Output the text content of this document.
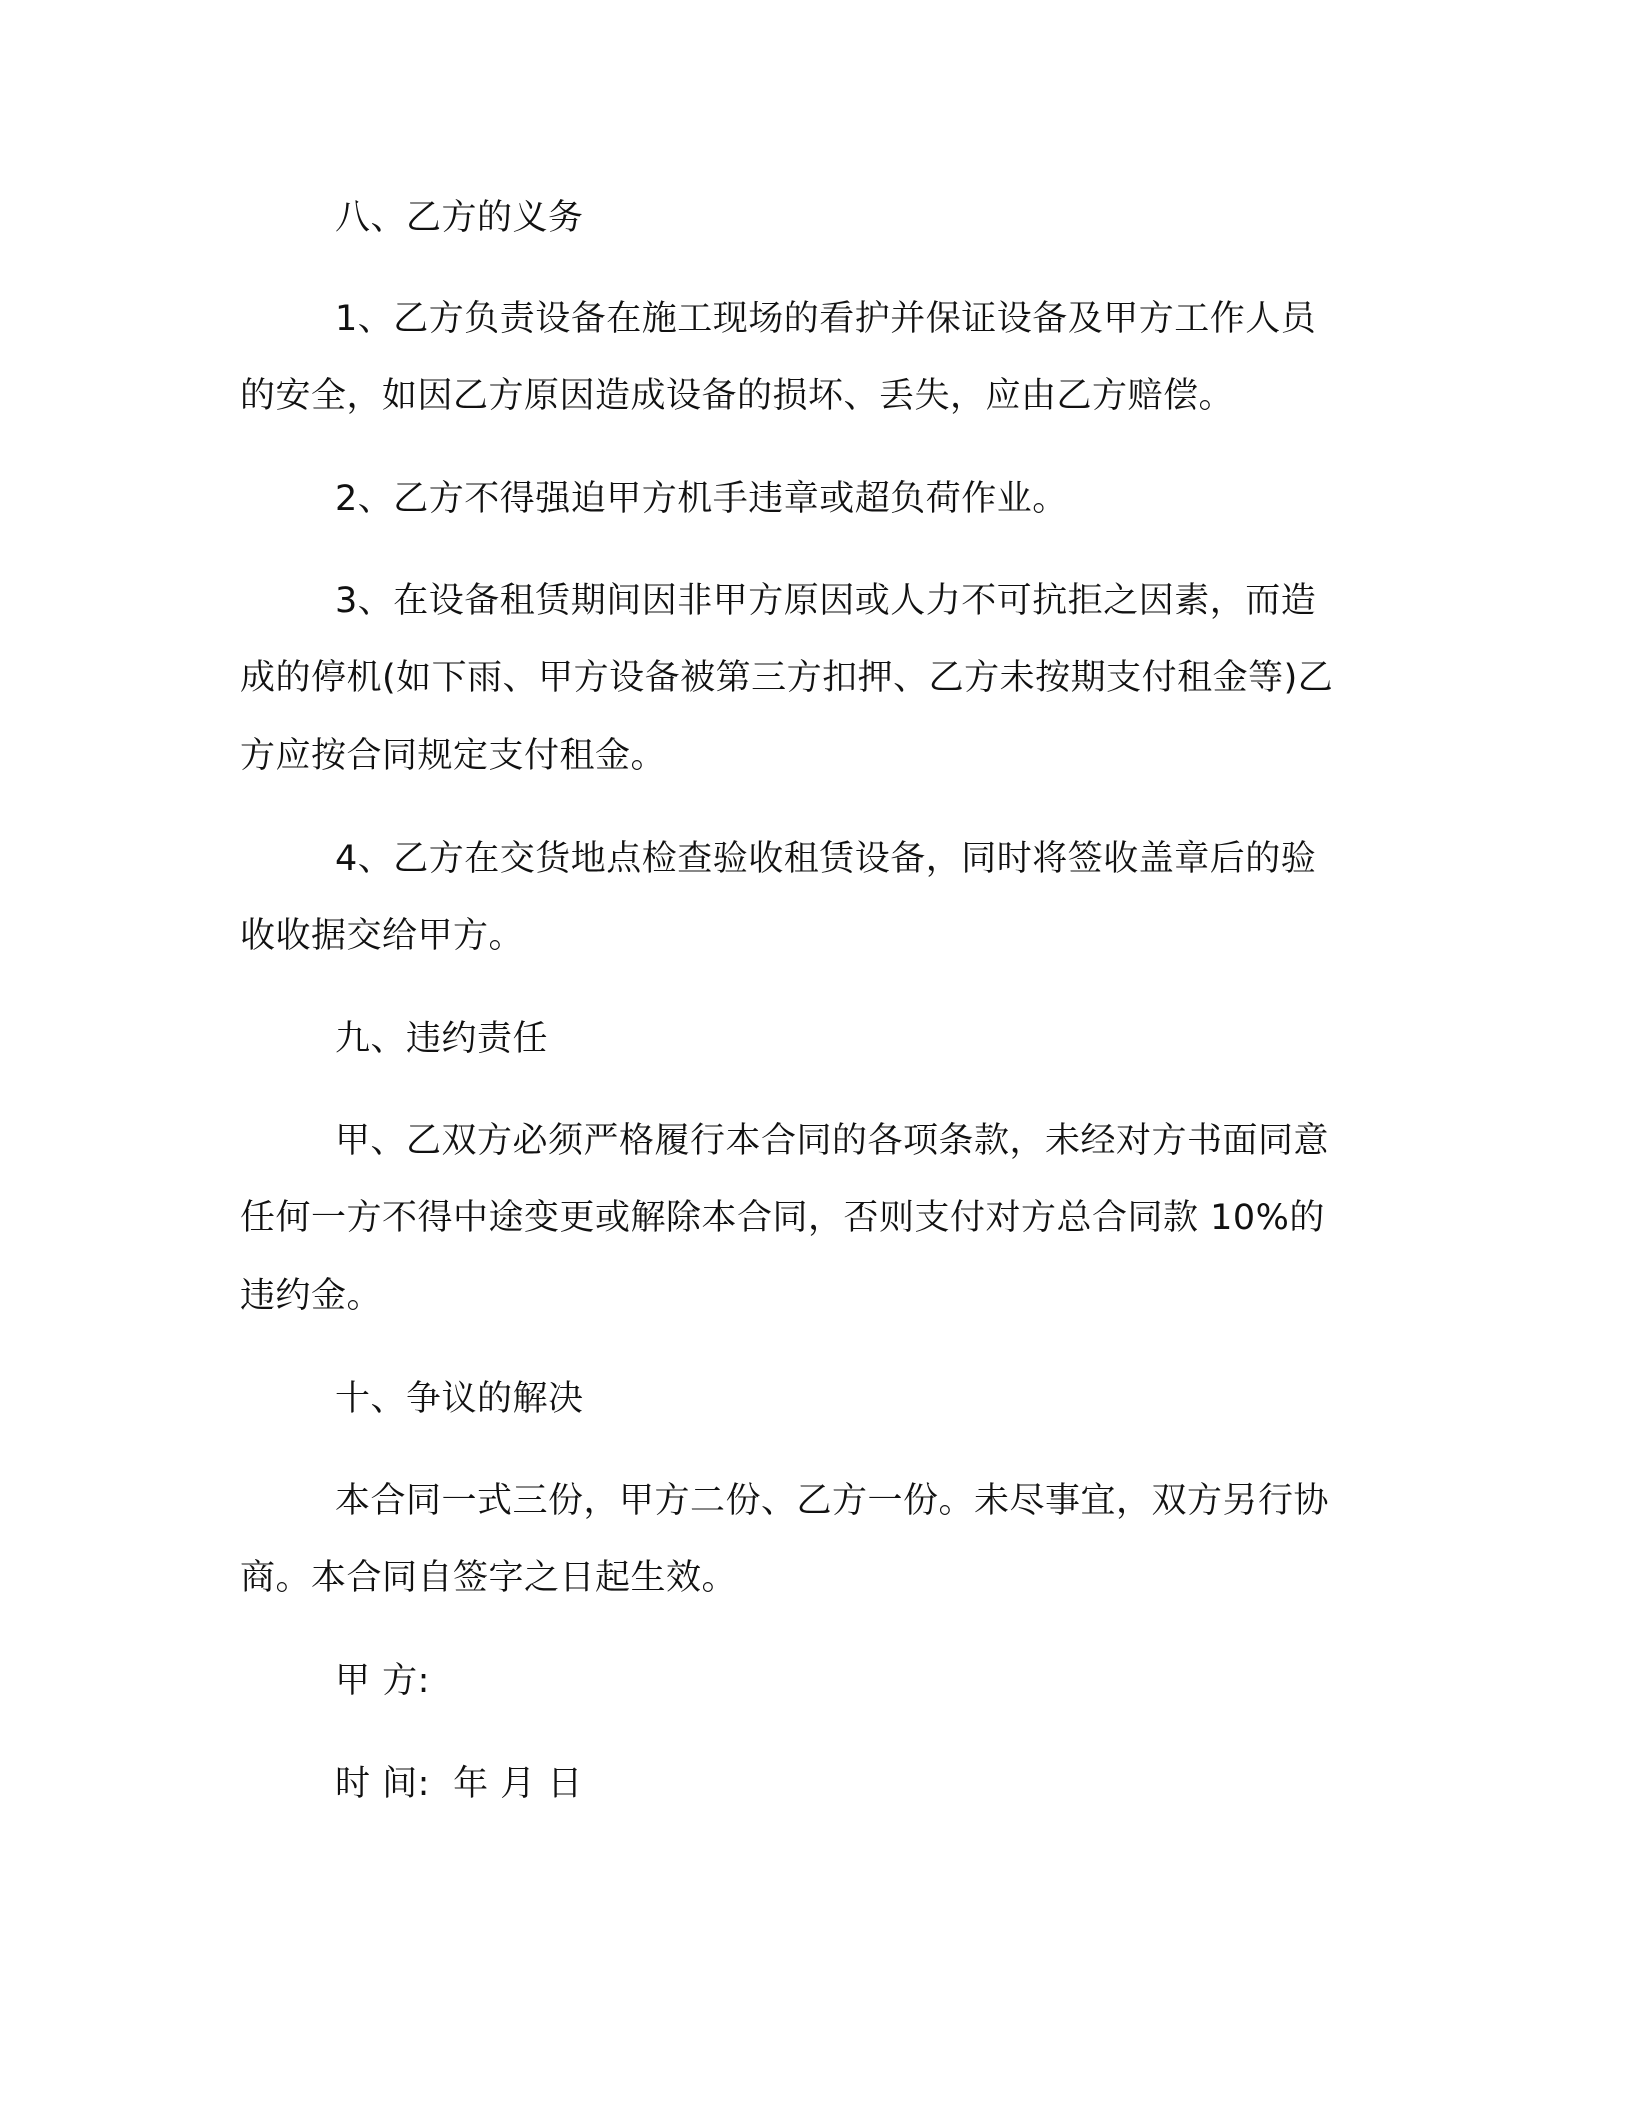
八、乙方的义务
1、乙方负责设备在施工现场的看护并保证设备及甲方工作人员
的安全，如因乙方原因造成设备的损坏、丢失，应由乙方赔偿。
2、乙方不得强迫甲方机手违章或超负荷作业。
3、在设备租赁期间因非甲方原因或人力不可抗拒之因素，而造
成的停机(如下雨、甲方设备被第三方扣押、乙方未按期支付租金等)乙
方应按合同规定支付租金。
4、乙方在交货地点检查验收租赁设备，同时将签收盖章后的验
收收据交给甲方。
九、违约责任
甲、乙双方必须严格履行本合同的各项条款，未经对方书面同意
任何一方不得中途变更或解除本合同，否则支付对方总合同款 10%的
违约金。
十、争议的解决
本合同一式三份，甲方二份、乙方一份。未尽事宜，双方另行协
商。本合同自签字之日起生效。
甲 方:
时 间:  年 月 日
